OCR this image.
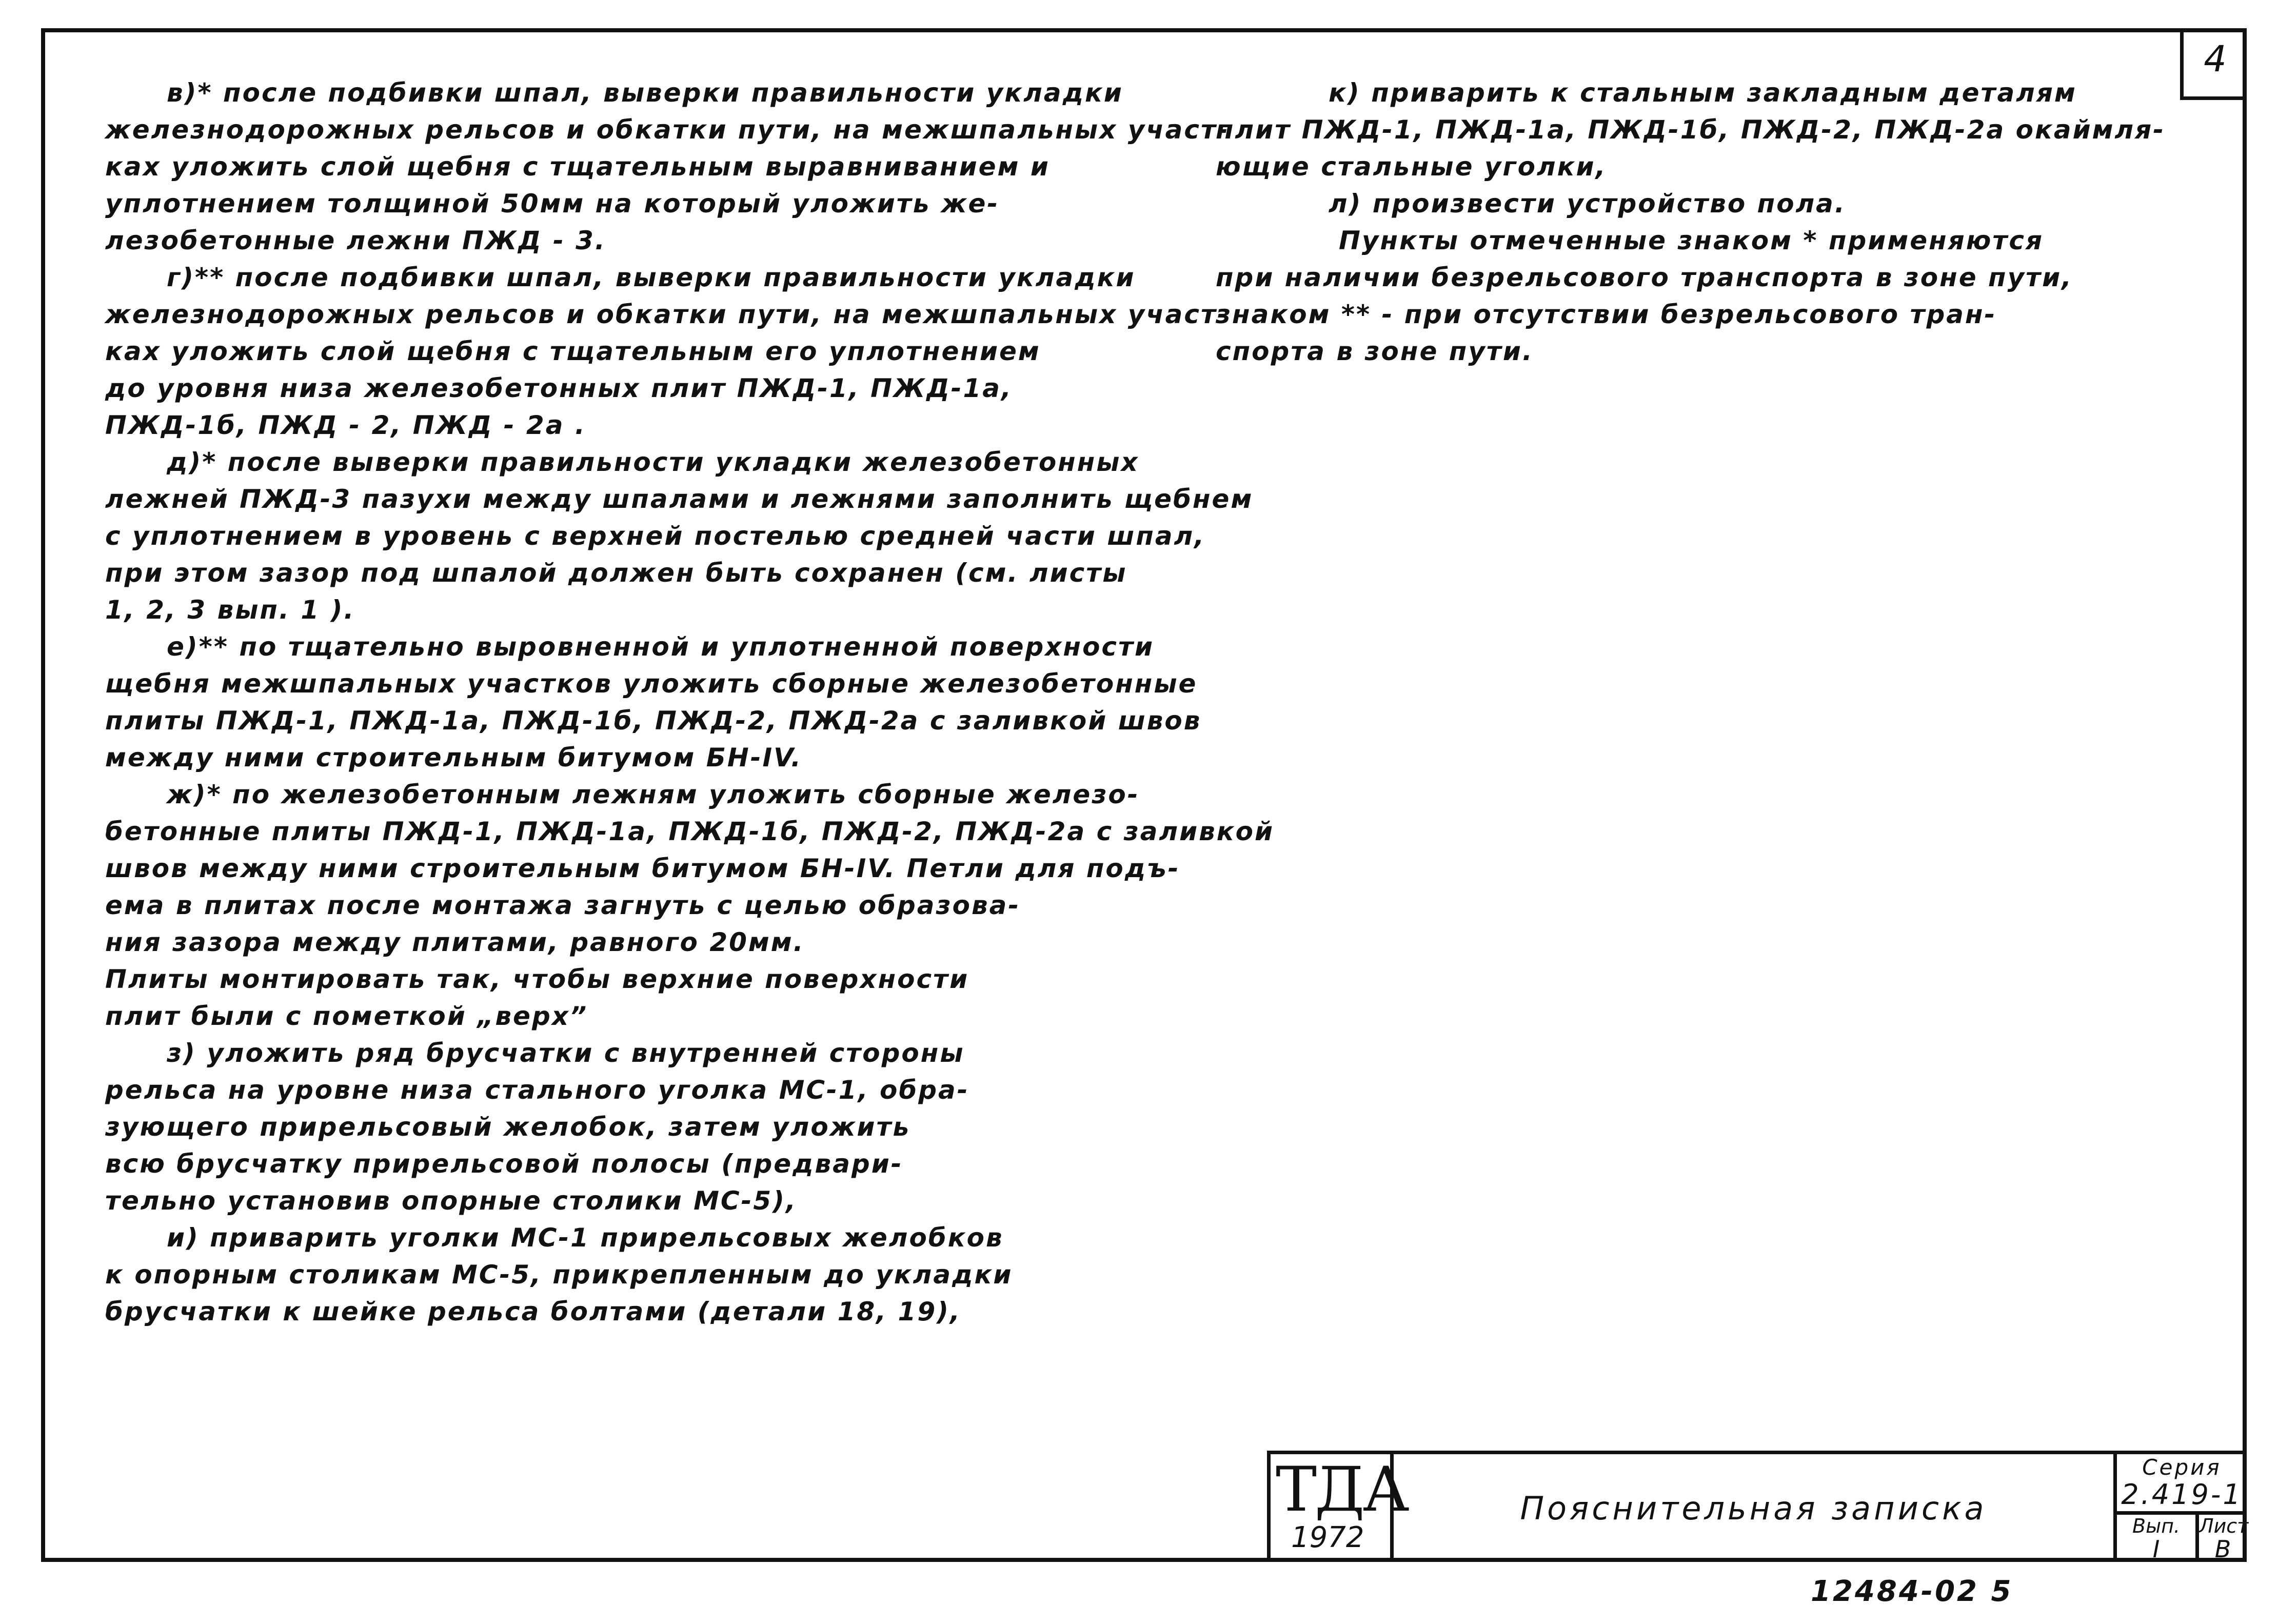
4
в)* после подбивки шпал, выверки правильности укладки
железнодорожных рельсов и обкатки пути, на межшпальных участ-
ках уложить слой щебня с тщательным выравниванием и
уплотнением толщиной 50мм на который уложить же-
лезобетонные лежни ПЖД - 3.
г)** после подбивки шпал, выверки правильности укладки
железнодорожных рельсов и обкатки пути, на межшпальных участ-
ках уложить слой щебня с тщательным его уплотнением
до уровня низа железобетонных плит ПЖД-1, ПЖД-1а,
ПЖД-1б, ПЖД - 2, ПЖД - 2а .
д)* после выверки правильности укладки железобетонных
лежней ПЖД-3 пазухи между шпалами и лежнями заполнить щебнем
с уплотнением в уровень с верхней постелью средней части шпал,
при этом зазор под шпалой должен быть сохранен (см. листы
1, 2, 3 вып. 1 ).
е)** по тщательно выровненной и уплотненной поверхности
щебня межшпальных участков уложить сборные железобетонные
плиты ПЖД-1, ПЖД-1а, ПЖД-1б, ПЖД-2, ПЖД-2а с заливкой швов
между ними строительным битумом БН-IV.
ж)* по железобетонным лежням уложить сборные железо-
бетонные плиты ПЖД-1, ПЖД-1а, ПЖД-1б, ПЖД-2, ПЖД-2а с заливкой
швов между ними строительным битумом БН-IV. Петли для подъ-
ема в плитах после монтажа загнуть с целью образова-
ния зазора между плитами, равного 20мм.
Плиты монтировать так, чтобы верхние поверхности
плит были с пометкой „верх”
з) уложить ряд брусчатки с внутренней стороны
рельса на уровне низа стального уголка МС-1, обра-
зующего прирельсовый желобок, затем уложить
всю брусчатку прирельсовой полосы (предвари-
тельно установив опорные столики МС-5),
и) приварить уголки МС-1 прирельсовых желобков
к опорным столикам МС-5, прикрепленным до укладки
брусчатки к шейке рельса болтами (детали 18, 19),
к) приварить к стальным закладным деталям
плит ПЖД-1, ПЖД-1а, ПЖД-1б, ПЖД-2, ПЖД-2а окаймля-
ющие стальные уголки,
л) произвести устройство пола.
Пункты отмеченные знаком * применяются
при наличии безрельсового транспорта в зоне пути,
знаком ** - при отсутствии безрельсового тран-
спорта в зоне пути.
ТДА
1972
Пояснительная записка
Серия
2.419-1
Вып.
I
Лист
В
12484-02 5
